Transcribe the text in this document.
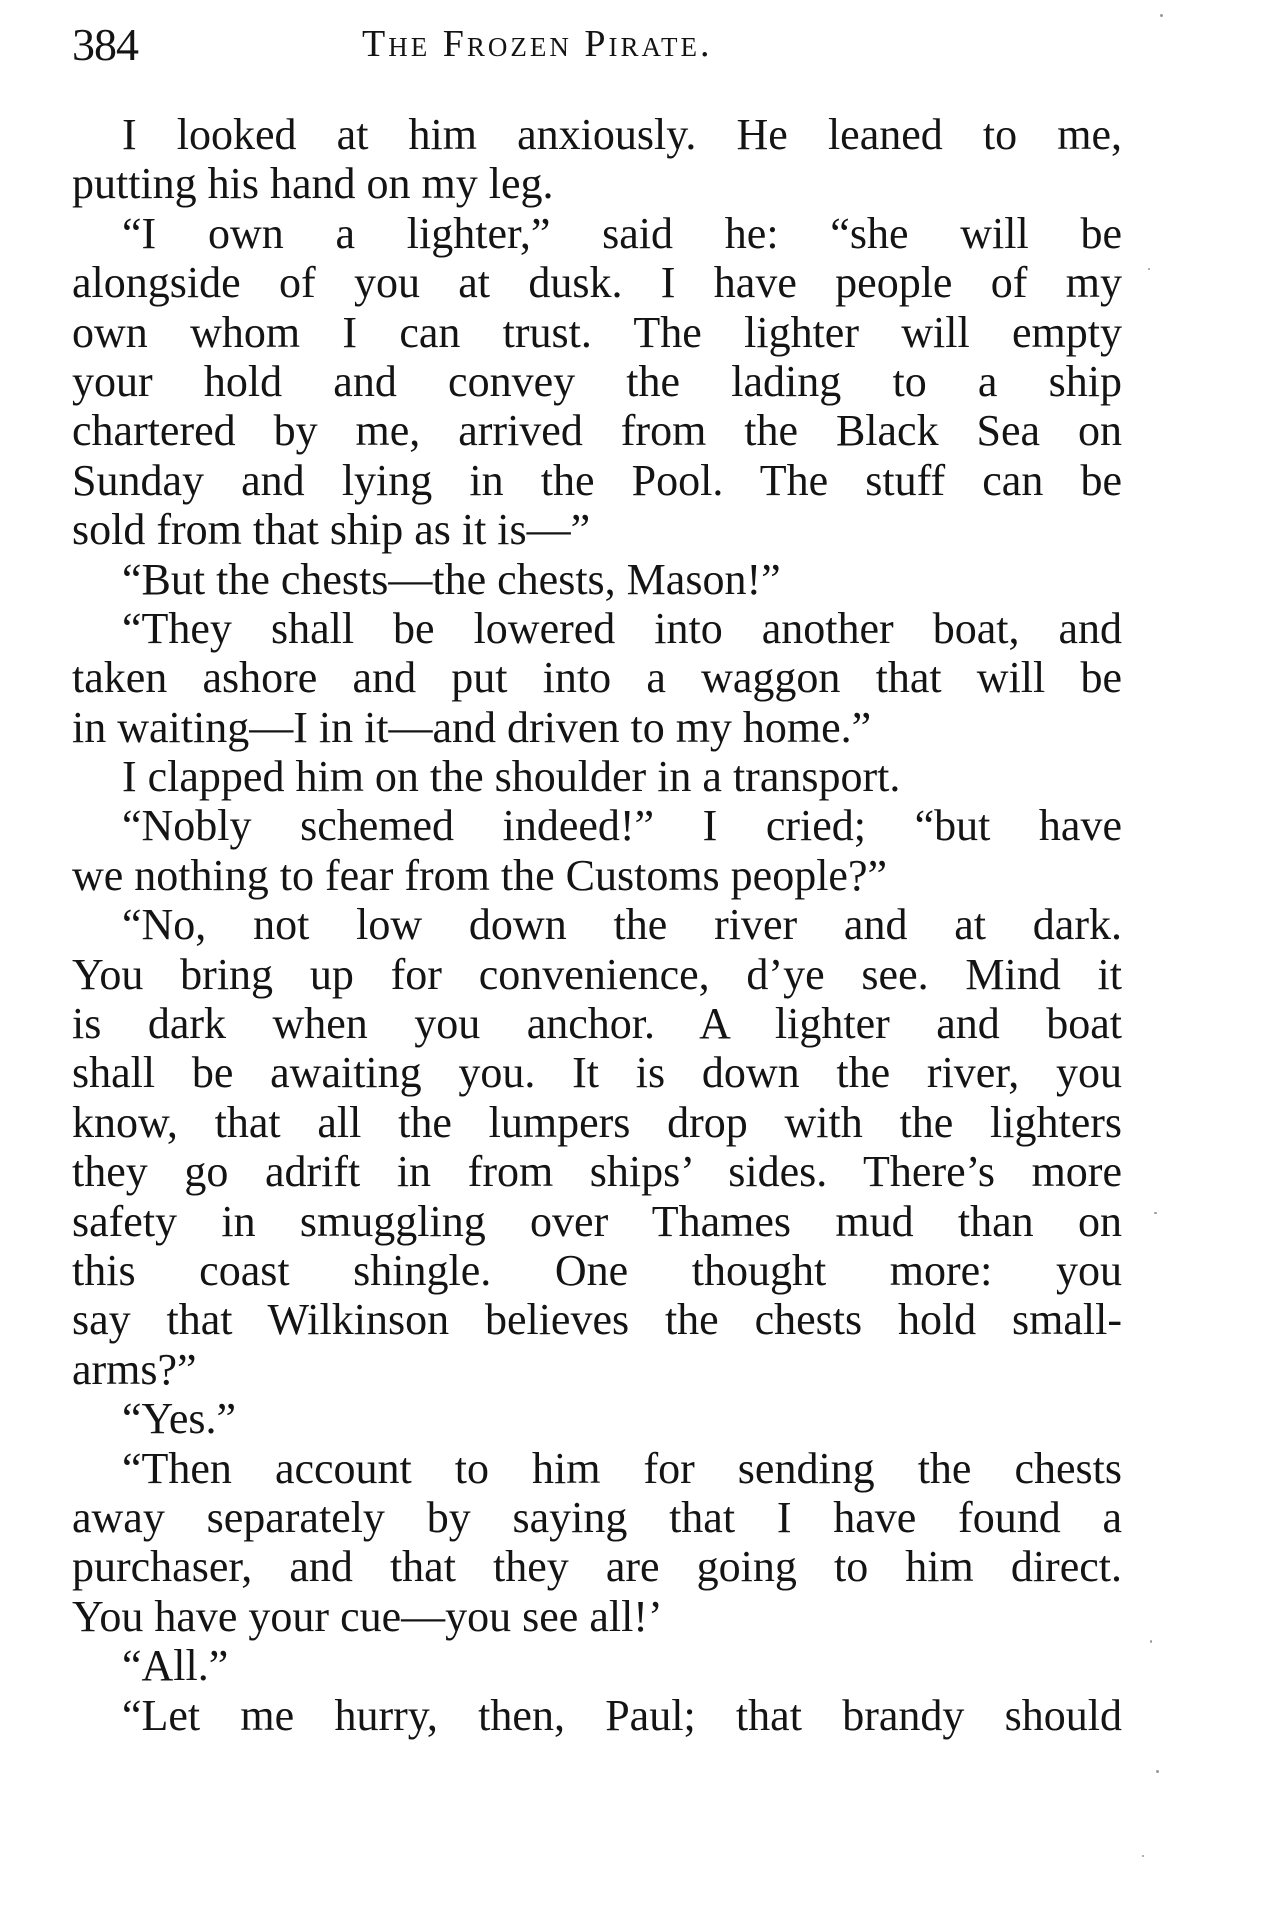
384	The Frozen Pirate.
I looked at him anxiously. He leaned to me,
putting his hand on my leg.
“I own a lighter,” said he: “she will be
alongside of you at dusk. I have people of my
own whom I can trust. The lighter will empty
your hold and convey the lading to a ship
chartered by me, arrived from the Black Sea on
Sunday and lying in the Pool. The stuff can be
sold from that ship as it is—”
“But the chests—the chests, Mason!”
“They shall be lowered into another boat, and
taken ashore and put into a waggon that will be
in waiting—I in it—and driven to my home.”
I clapped him on the shoulder in a transport.
“Nobly schemed indeed!” I cried; “but have
we nothing to fear from the Customs people?”
“No, not low down the river and at dark.
You bring up for convenience, d’ye see. Mind it
is dark when you anchor. A lighter and boat
shall be awaiting you. It is down the river, you
know, that all the lumpers drop with the lighters
they go adrift in from ships’ sides. There’s more
safety in smuggling over Thames mud than on
this coast shingle. One thought more: you
say that Wilkinson believes the chests hold small-
arms?”
“Yes.”
“Then account to him for sending the chests
away separately by saying that I have found a
purchaser, and that they are going to him direct.
You have your cue—you see all!’
“All.”
“Let me hurry, then, Paul; that brandy should
